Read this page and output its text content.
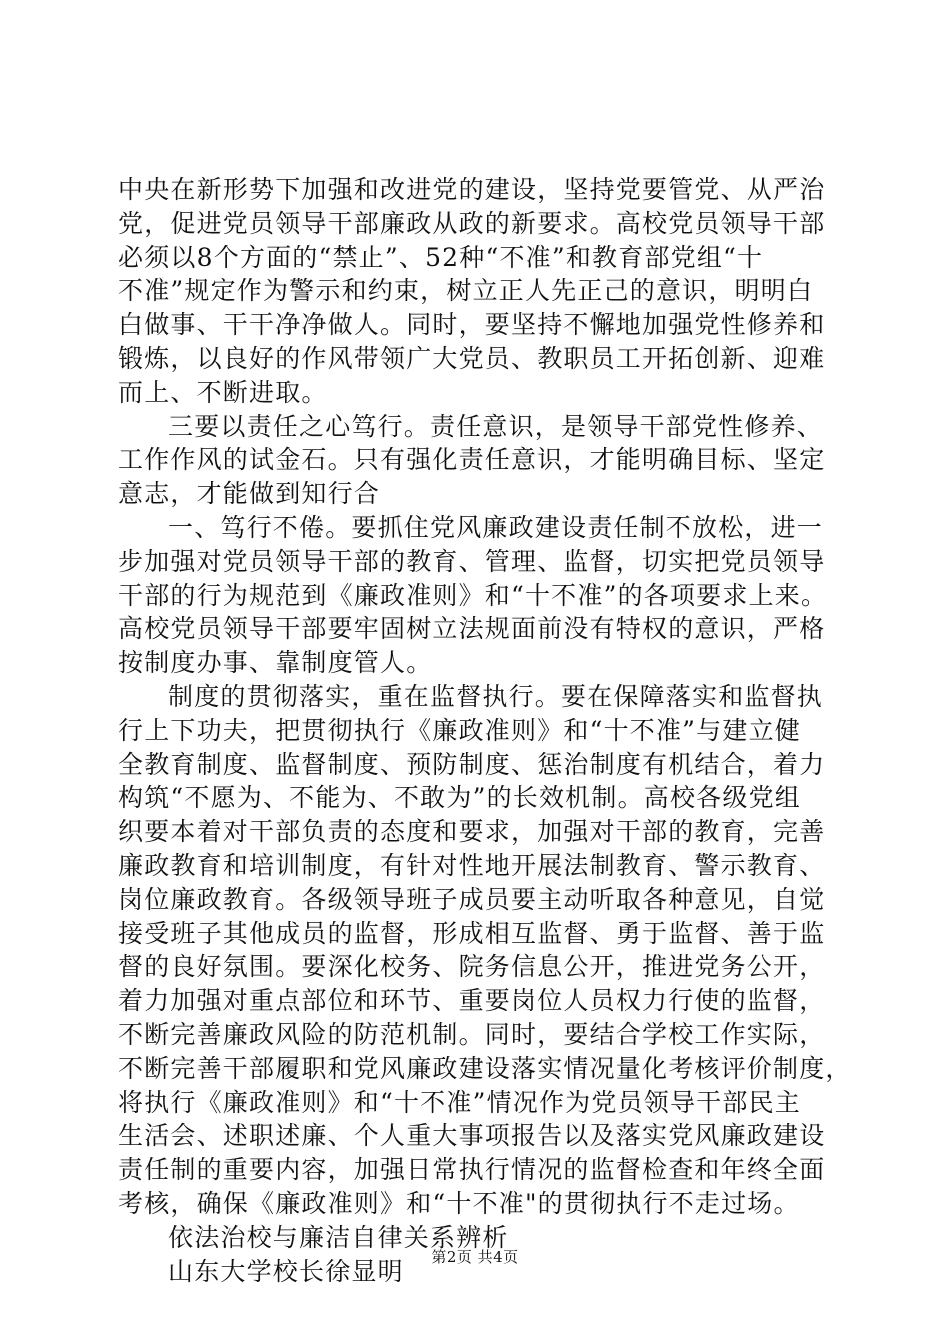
中央在新形势下加强和改进党的建设，坚持党要管党、从严治

党，促进党员领导干部廉政从政的新要求。高校党员领导干部

必须以8个方面的“禁止”、52种“不准”和教育部党组“十

不准”规定作为警示和约束，树立正人先正己的意识，明明白

白做事、干干净净做人。同时，要坚持不懈地加强党性修养和

锻炼，以良好的作风带领广大党员、教职员工开拓创新、迎难

而上、不断进取。

三要以责任之心笃行。责任意识，是领导干部党性修养、

工作作风的试金石。只有强化责任意识，才能明确目标、坚定

意志，才能做到知行合

一、笃行不倦。要抓住党风廉政建设责任制不放松，进一

步加强对党员领导干部的教育、管理、监督，切实把党员领导

干部的行为规范到《廉政准则》和“十不准”的各项要求上来。

高校党员领导干部要牢固树立法规面前没有特权的意识，严格

按制度办事、靠制度管人。

制度的贯彻落实，重在监督执行。要在保障落实和监督执

行上下功夫，把贯彻执行《廉政准则》和“十不准”与建立健

全教育制度、监督制度、预防制度、惩治制度有机结合，着力

构筑“不愿为、不能为、不敢为”的长效机制。高校各级党组

织要本着对干部负责的态度和要求，加强对干部的教育，完善

廉政教育和培训制度，有针对性地开展法制教育、警示教育、

岗位廉政教育。各级领导班子成员要主动听取各种意见，自觉

接受班子其他成员的监督，形成相互监督、勇于监督、善于监

督的良好氛围。要深化校务、院务信息公开，推进党务公开，

着力加强对重点部位和环节、重要岗位人员权力行使的监督，

不断完善廉政风险的防范机制。同时，要结合学校工作实际，

不断完善干部履职和党风廉政建设落实情况量化考核评价制度，

将执行《廉政准则》和“十不准”情况作为党员领导干部民主

生活会、述职述廉、个人重大事项报告以及落实党风廉政建设

责任制的重要内容，加强日常执行情况的监督检查和年终全面

考核，确保《廉政准则》和“十不准"的贯彻执行不走过场。

依法治校与廉洁自律关系辨析

山东大学校长徐显明	第2页 共4页
